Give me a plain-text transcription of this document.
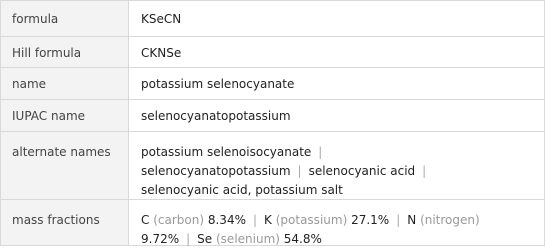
formula	KSeCN
Hill formula	CKNSe
name	potassium selenocyanate
IUPAC name	selenocyanatopotassium
alternate names	potassium selenoisocyanate |
selenocyanatopotassium | selenocyanic acid |
selenocyanic acid, potassium salt
mass fractions	C (carbon) 8.34% | K (potassium) 27.1% | N (nitrogen)
9.72% | Se (selenium) 54.8%
